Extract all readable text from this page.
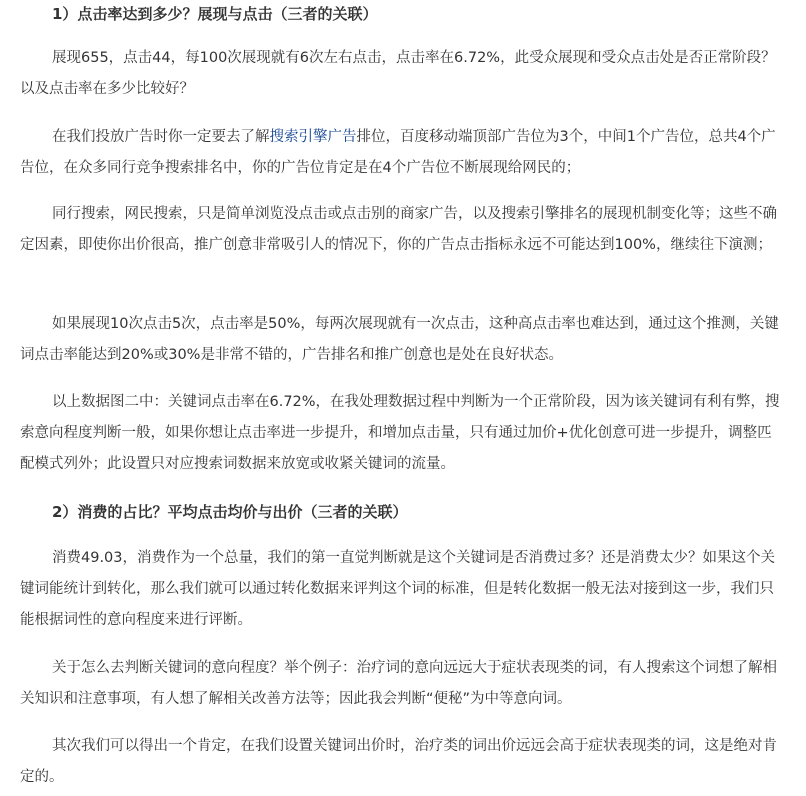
1）点击率达到多少？展现与点击（三者的关联）

展现655，点击44，每100次展现就有6次左右点击，点击率在6.72%，此受众展现和受众点击处是否正常阶段？以及点击率在多少比较好？

在我们投放广告时你一定要去了解搜索引擎广告排位，百度移动端顶部广告位为3个，中间1个广告位，总共4个广告位，在众多同行竞争搜索排名中，你的广告位肯定是在4个广告位不断展现给网民的；

同行搜索，网民搜索，只是简单浏览没点击或点击别的商家广告，以及搜索引擎排名的展现机制变化等；这些不确定因素，即使你出价很高，推广创意非常吸引人的情况下，你的广告点击指标永远不可能达到100%，继续往下演测；

如果展现10次点击5次，点击率是50%，每两次展现就有一次点击，这种高点击率也难达到，通过这个推测，关键词点击率能达到20%或30%是非常不错的，广告排名和推广创意也是处在良好状态。

以上数据图二中：关键词点击率在6.72%，在我处理数据过程中判断为一个正常阶段，因为该关键词有利有弊，搜索意向程度判断一般，如果你想让点击率进一步提升，和增加点击量，只有通过加价+优化创意可进一步提升，调整匹配模式列外；此设置只对应搜索词数据来放宽或收紧关键词的流量。

2）消费的占比？平均点击均价与出价（三者的关联）

消费49.03，消费作为一个总量，我们的第一直觉判断就是这个关键词是否消费过多？还是消费太少？如果这个关键词能统计到转化，那么我们就可以通过转化数据来评判这个词的标准，但是转化数据一般无法对接到这一步，我们只能根据词性的意向程度来进行评断。

关于怎么去判断关键词的意向程度？举个例子：治疗词的意向远远大于症状表现类的词，有人搜索这个词想了解相关知识和注意事项，有人想了解相关改善方法等；因此我会判断“便秘”为中等意向词。

其次我们可以得出一个肯定，在我们设置关键词出价时，治疗类的词出价远远会高于症状表现类的词，这是绝对肯定的。
